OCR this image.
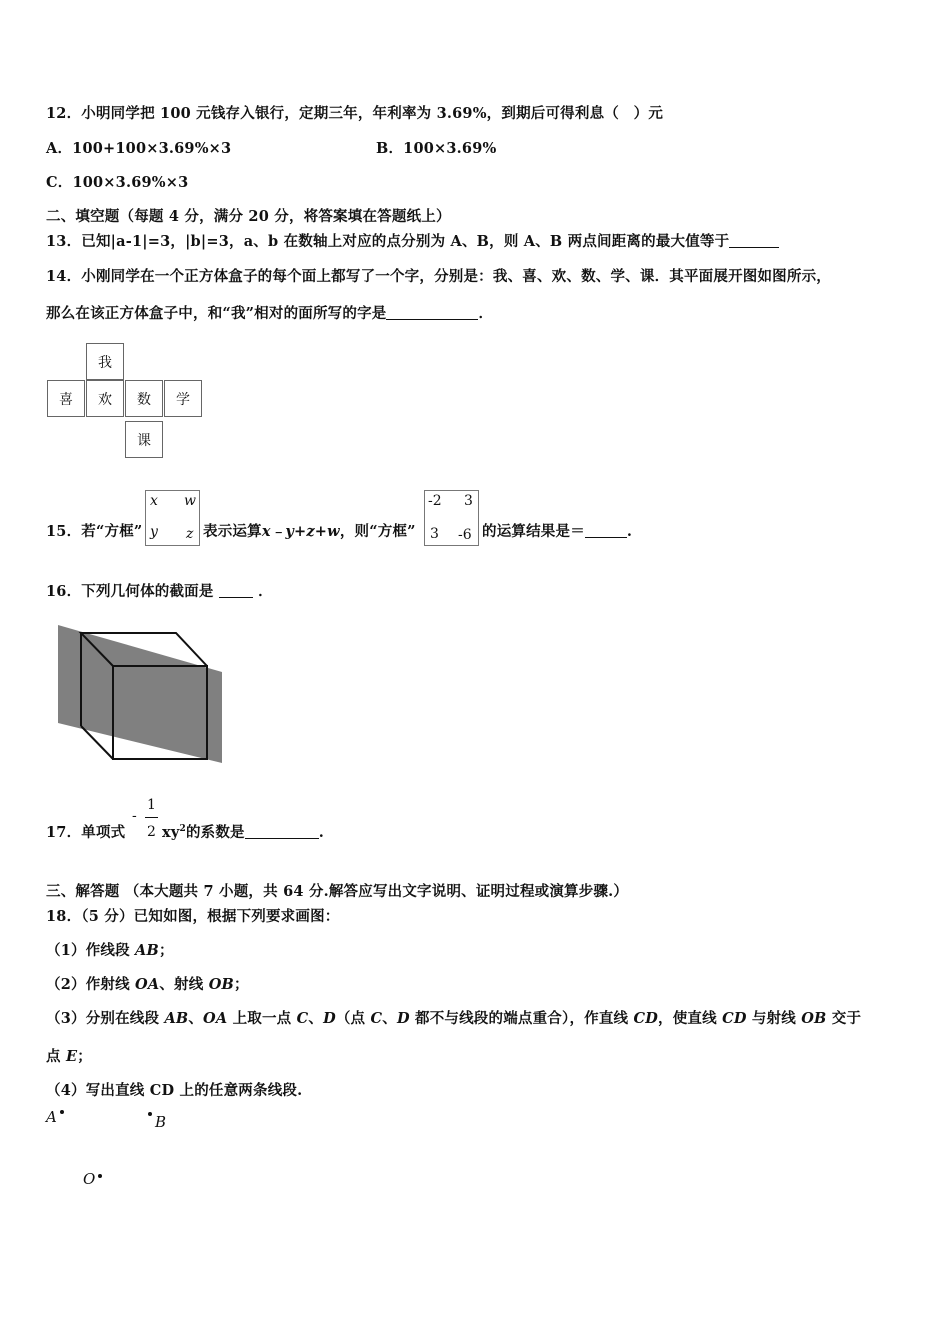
12．小明同学把 100 元钱存入银行，定期三年，年利率为 3.69%，到期后可得利息（　）元
A．100+100×3.69%×3	B．100×3.69%
C．100×3.69%×3
二、填空题（每题 4 分，满分 20 分，将答案填在答题纸上）
13．已知|a-1|=3，|b|=3，a、b 在数轴上对应的点分别为 A、B，则 A、B 两点间距离的最大值等于
14．小刚同学在一个正方体盒子的每个面上都写了一个字，分别是：我、喜、欢、数、学、课．其平面展开图如图所示，
那么在该正方体盒子中，和“我”相对的面所写的字是	．
我
喜	欢	数	学
课
15．若“方框”
x w
y z 表示运算x﹣y+z+w，则“方框”
-2 3
3 -6 的运算结果是＝	.
16．下列几何体的截面是	．
17．单项式
-
1
2 $xy^2$的系数是	.
三、解答题 （本大题共 7 小题，共 64 分.解答应写出文字说明、证明过程或演算步骤.）
18．（5 分）已知如图，根据下列要求画图：
（1）作线段 AB；
（2）作射线 OA、射线 OB；
（3）分别在线段 AB、OA 上取一点 C、D（点 C、D 都不与线段的端点重合），作直线 CD，使直线 CD 与射线 OB 交于
点 E；
（4）写出直线 CD 上的任意两条线段.
A	B
O
